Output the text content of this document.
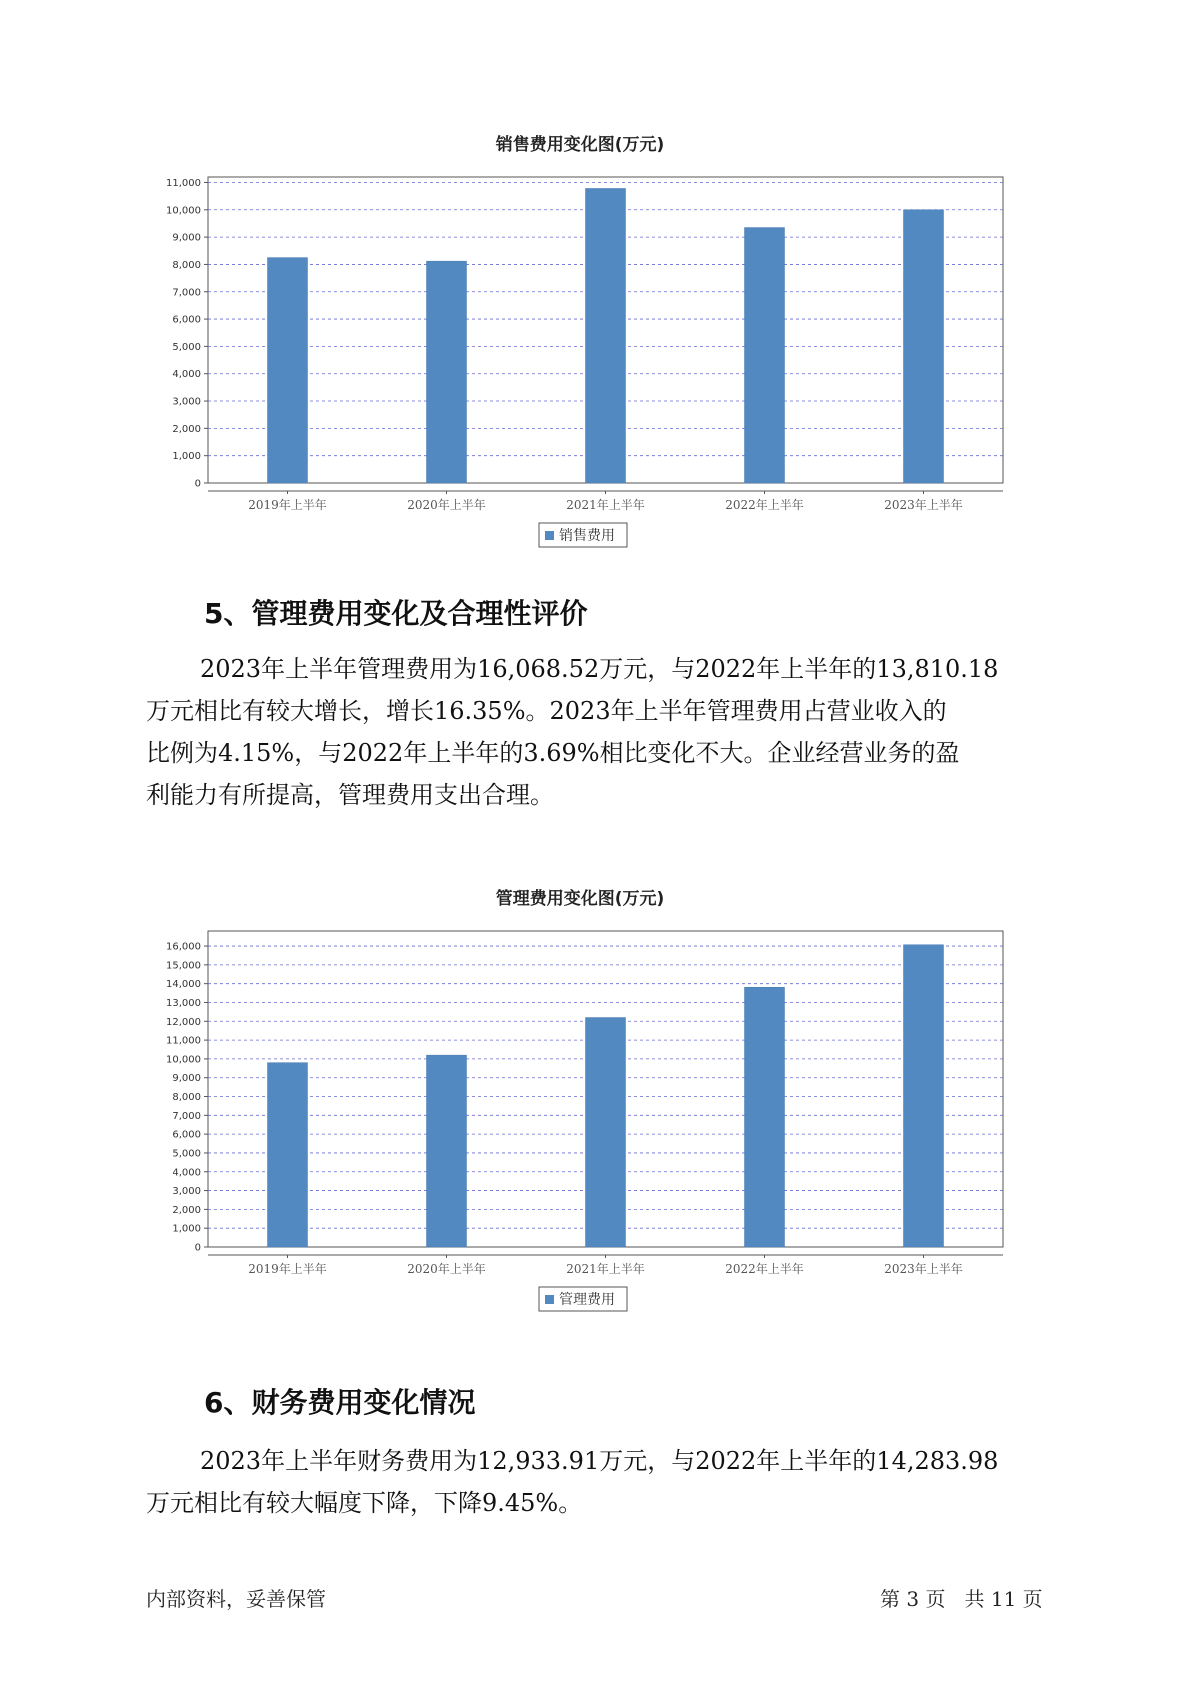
销售费用变化图(万元)
0
1,000
2,000
3,000
4,000
5,000
6,000
7,000
8,000
9,000
10,000
11,000
2019年上半年	2020年上半年	2021年上半年	2022年上半年	2023年上半年
销售费用
5、管理费用变化及合理性评价
2023年上半年管理费用为16,068.52万元，与2022年上半年的13,810.18
万元相比有较大增长，增长16.35%。2023年上半年管理费用占营业收入的
比例为4.15%，与2022年上半年的3.69%相比变化不大。企业经营业务的盈
利能力有所提高，管理费用支出合理。
管理费用变化图(万元)
0
1,000
2,000
3,000
4,000
5,000
6,000
7,000
8,000
9,000
10,000
11,000
12,000
13,000
14,000
15,000
16,000
2019年上半年	2020年上半年	2021年上半年	2022年上半年	2023年上半年
管理费用
6、财务费用变化情况
2023年上半年财务费用为12,933.91万元，与2022年上半年的14,283.98
万元相比有较大幅度下降，下降9.45%。
内部资料，妥善保管	第 3 页   共 11 页
